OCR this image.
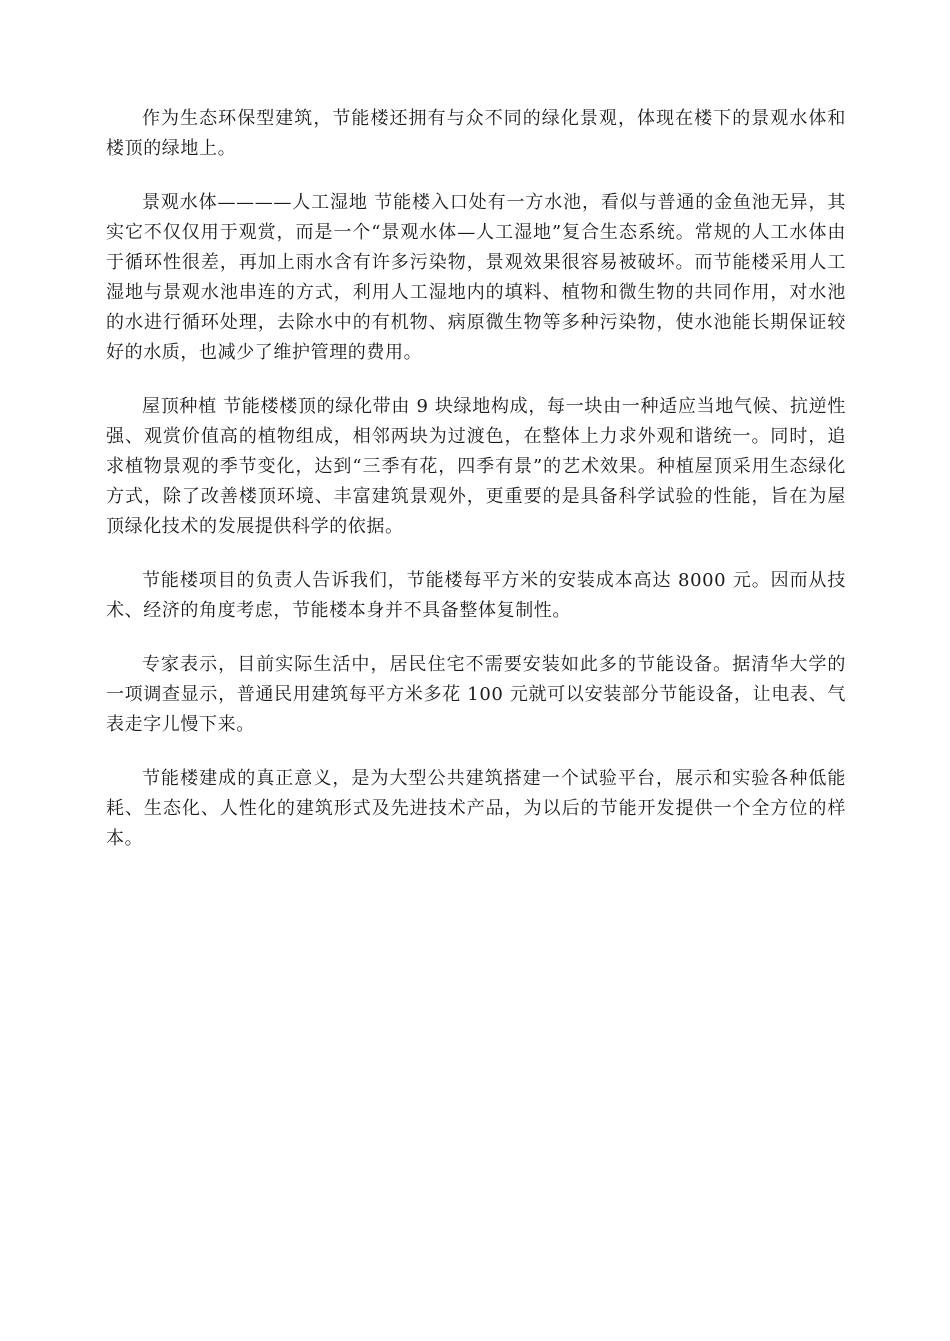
作为生态环保型建筑，节能楼还拥有与众不同的绿化景观，体现在楼下的景观水体和楼顶的绿地上。

景观水体————人工湿地 节能楼入口处有一方水池，看似与普通的金鱼池无异，其实它不仅仅用于观赏，而是一个“景观水体—人工湿地”复合生态系统。常规的人工水体由于循环性很差，再加上雨水含有许多污染物，景观效果很容易被破坏。而节能楼采用人工湿地与景观水池串连的方式，利用人工湿地内的填料、植物和微生物的共同作用，对水池的水进行循环处理，去除水中的有机物、病原微生物等多种污染物，使水池能长期保证较好的水质，也减少了维护管理的费用。

屋顶种植 节能楼楼顶的绿化带由 9 块绿地构成，每一块由一种适应当地气候、抗逆性强、观赏价值高的植物组成，相邻两块为过渡色，在整体上力求外观和谐统一。同时，追求植物景观的季节变化，达到“三季有花，四季有景”的艺术效果。种植屋顶采用生态绿化方式，除了改善楼顶环境、丰富建筑景观外，更重要的是具备科学试验的性能，旨在为屋顶绿化技术的发展提供科学的依据。

节能楼项目的负责人告诉我们，节能楼每平方米的安装成本高达 8000 元。因而从技术、经济的角度考虑，节能楼本身并不具备整体复制性。

专家表示，目前实际生活中，居民住宅不需要安装如此多的节能设备。据清华大学的一项调查显示，普通民用建筑每平方米多花 100 元就可以安装部分节能设备，让电表、气表走字儿慢下来。

节能楼建成的真正意义，是为大型公共建筑搭建一个试验平台，展示和实验各种低能耗、生态化、人性化的建筑形式及先进技术产品，为以后的节能开发提供一个全方位的样本。
